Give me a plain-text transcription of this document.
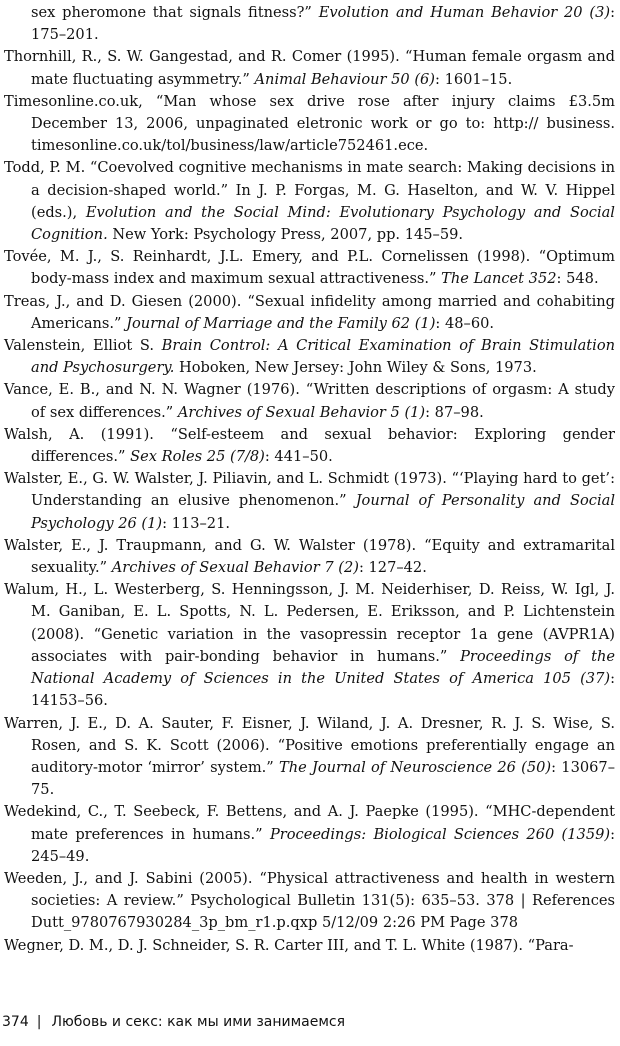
sex pheromone that signals fitness?” Evolution and Human Behavior 20 (3): 175–201.

Thornhill, R., S. W. Gangestad, and R. Comer (1995). “Human female orgasm and mate fluctuating asymmetry.” Animal Behaviour 50 (6): 1601–15.

Timesonline.co.uk, “Man whose sex drive rose after injury claims £3.5m December 13, 2006, unpaginated eletronic work or go to: http:// business. timesonline.co.uk/tol/business/law/article752461.ece.

Todd, P. M. “Coevolved cognitive mechanisms in mate search: Making decisions in a decision-shaped world.” In J. P. Forgas, M. G. Haselton, and W. V. Hippel (eds.), Evolution and the Social Mind: Evolutionary Psychology and Social Cognition. New York: Psychology Press, 2007, pp. 145–59.

Tovée, M. J., S. Reinhardt, J.L. Emery, and P.L. Cornelissen (1998). “Optimum body-mass index and maximum sexual attractiveness.” The Lancet 352: 548.

Treas, J., and D. Giesen (2000). “Sexual infidelity among married and cohabiting Americans.” Journal of Marriage and the Family 62 (1): 48–60.

Valenstein, Elliot S. Brain Control: A Critical Examination of Brain Stimulation and Psychosurgery. Hoboken, New Jersey: John Wiley & Sons, 1973.

Vance, E. B., and N. N. Wagner (1976). “Written descriptions of orgasm: A study of sex differences.” Archives of Sexual Behavior 5 (1): 87–98.

Walsh, A. (1991). “Self-esteem and sexual behavior: Exploring gender differences.” Sex Roles 25 (7/8): 441–50.

Walster, E., G. W. Walster, J. Piliavin, and L. Schmidt (1973). “‘Playing hard to get’: Understanding an elusive phenomenon.” Journal of Personality and Social Psychology 26 (1): 113–21.

Walster, E., J. Traupmann, and G. W. Walster (1978). “Equity and extramarital sexuality.” Archives of Sexual Behavior 7 (2): 127–42.

Walum, H., L. Westerberg, S. Henningsson, J. M. Neiderhiser, D. Reiss, W. Igl, J. M. Ganiban, E. L. Spotts, N. L. Pedersen, E. Eriksson, and P. Lichtenstein (2008). “Genetic variation in the vasopressin receptor 1a gene (AVPR1A) associates with pair-bonding behavior in humans.” Proceedings of the National Academy of Sciences in the United States of America 105 (37): 14153–56.

Warren, J. E., D. A. Sauter, F. Eisner, J. Wiland, J. A. Dresner, R. J. S. Wise, S. Rosen, and S. K. Scott (2006). “Positive emotions preferentially engage an auditory-motor ‘mirror’ system.” The Journal of Neuroscience 26 (50): 13067–75.

Wedekind, C., T. Seebeck, F. Bettens, and A. J. Paepke (1995). “MHC-dependent mate preferences in humans.” Proceedings: Biological Sciences 260 (1359): 245–49.

Weeden, J., and J. Sabini (2005). “Physical attractiveness and health in western societies: A review.” Psychological Bulletin 131(5): 635–53. 378 | References Dutt_9780767930284_3p_bm_r1.p.qxp 5/12/09 2:26 PM Page 378

Wegner, D. M., D. J. Schneider, S. R. Carter III, and T. L. White (1987). “Para-

374 | Любовь и секс: как мы ими занимаемся
